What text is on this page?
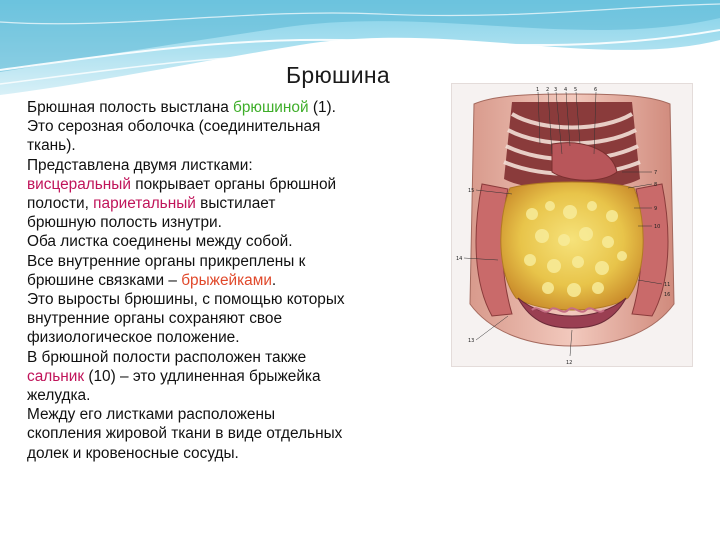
Брюшина
Брюшная полость выстлана брюшиной (1).
Это серозная оболочка (соединительная
ткань).
Представлена двумя листками:
висцеральный покрывает органы брюшной
полости, париетальный выстилает
брюшную полость изнутри.
Оба листка соединены между собой.
Все внутренние органы прикреплены к
брюшине связками – брыжейками.
Это выросты брюшины, с помощью которых
внутренние органы сохраняют свое
физиологическое положение.
В брюшной полости расположен также
сальник (10) – это удлиненная брыжейка
желудка.
Между его листками расположены
скопления жировой ткани в виде отдельных
долек и кровеносные сосуды.
1 2 3 4 5	6
7
8
9
10
11
12
13
14
15
16
